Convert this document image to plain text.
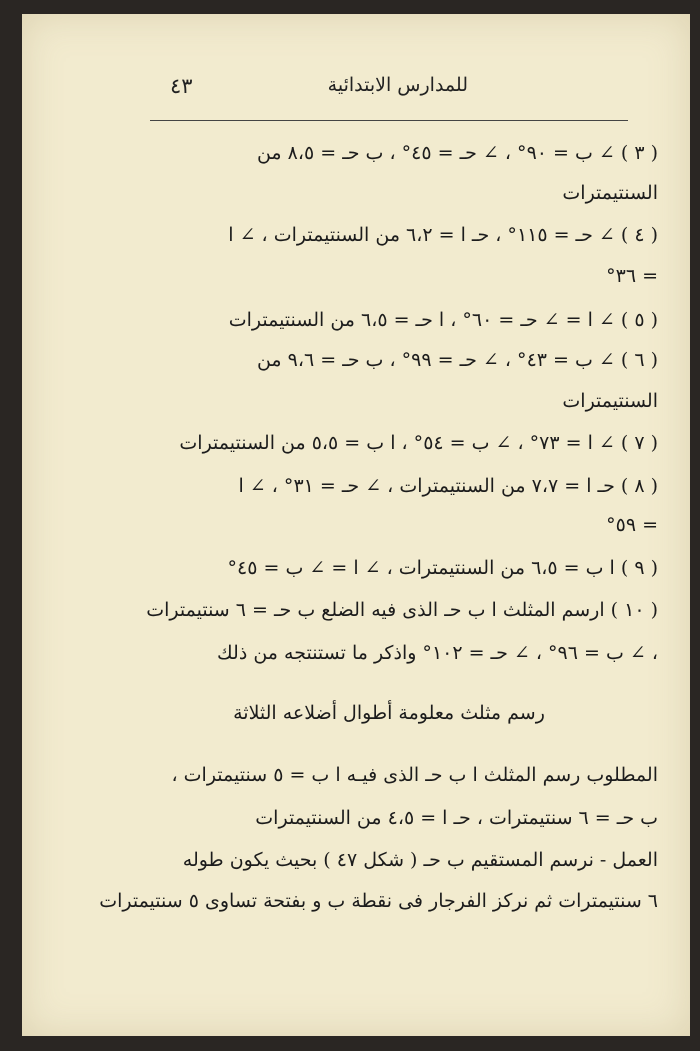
٤٣	للمدارس الابتدائية
( ٣ ) ∠ ب = ٩٠° ، ∠ حـ = ٤٥° ، ب حـ = ٨،٥ من
السنتيمترات
( ٤ ) ∠ حـ = ١١٥° ، حـ ا = ٦،٢ من السنتيمترات ، ∠ ا
= ٣٦°
( ٥ ) ∠ ا = ∠ حـ = ٦٠° ، ا حـ = ٦،٥ من السنتيمترات
( ٦ ) ∠ ب = ٤٣° ، ∠ حـ = ٩٩° ، ب حـ = ٩،٦ من
السنتيمترات
( ٧ ) ∠ ا = ٧٣° ، ∠ ب = ٥٤° ، ا ب = ٥،٥ من السنتيمترات
( ٨ ) حـ ا = ٧،٧ من السنتيمترات ، ∠ حـ = ٣١° ، ∠ ا
= ٥٩°
( ٩ ) ا ب = ٦،٥ من السنتيمترات ، ∠ ا = ∠ ب = ٤٥°
( ١٠ ) ارسم المثلث ا ب حـ الذى فيه الضلع ب حـ = ٦ سنتيمترات
، ∠ ب = ٩٦° ، ∠ حـ = ١٠٢° واذكر ما تستنتجه من ذلك
رسم مثلث معلومة أطوال أضلاعه الثلاثة
المطلوب رسم المثلث ا ب حـ الذى فيـه ا ب = ٥ سنتيمترات ،
ب حـ = ٦ سنتيمترات ، حـ ا = ٤،٥ من السنتيمترات
العمل - نرسم المستقيم ب حـ ( شكل ٤٧ ) بحيث يكون طوله
٦ سنتيمترات ثم نركز الفرجار فى نقطة ب و بفتحة تساوى ٥ سنتيمترات
